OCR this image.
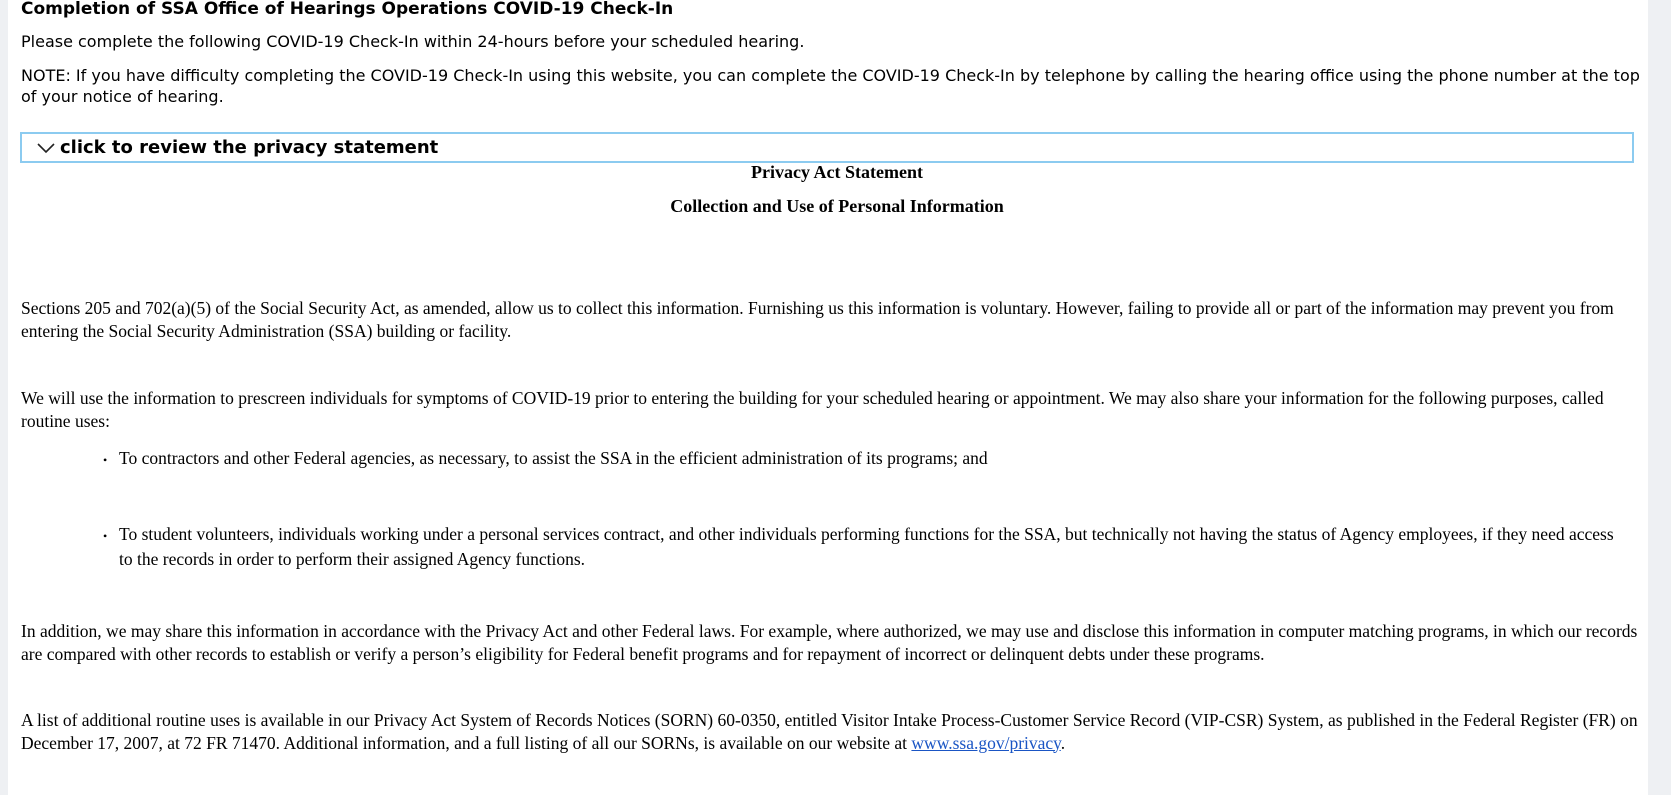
Completion of SSA Office of Hearings Operations COVID-19 Check-In
Please complete the following COVID-19 Check-In within 24-hours before your scheduled hearing.
NOTE: If you have difficulty completing the COVID-19 Check-In using this website, you can complete the COVID-19 Check-In by telephone by calling the hearing office using the phone number at the top of your notice of hearing.
click to review the privacy statement
Privacy Act Statement
Collection and Use of Personal Information
Sections 205 and 702(a)(5) of the Social Security Act, as amended, allow us to collect this information. Furnishing us this information is voluntary. However, failing to provide all or part of the information may prevent you from entering the Social Security Administration (SSA) building or facility.
We will use the information to prescreen individuals for symptoms of COVID-19 prior to entering the building for your scheduled hearing or appointment. We may also share your information for the following purposes, called routine uses:
• To contractors and other Federal agencies, as necessary, to assist the SSA in the efficient administration of its programs; and
• To student volunteers, individuals working under a personal services contract, and other individuals performing functions for the SSA, but technically not having the status of Agency employees, if they need access to the records in order to perform their assigned Agency functions.
In addition, we may share this information in accordance with the Privacy Act and other Federal laws. For example, where authorized, we may use and disclose this information in computer matching programs, in which our records are compared with other records to establish or verify a person’s eligibility for Federal benefit programs and for repayment of incorrect or delinquent debts under these programs.
A list of additional routine uses is available in our Privacy Act System of Records Notices (SORN) 60-0350, entitled Visitor Intake Process-Customer Service Record (VIP-CSR) System, as published in the Federal Register (FR) on December 17, 2007, at 72 FR 71470. Additional information, and a full listing of all our SORNs, is available on our website at www.ssa.gov/privacy.
